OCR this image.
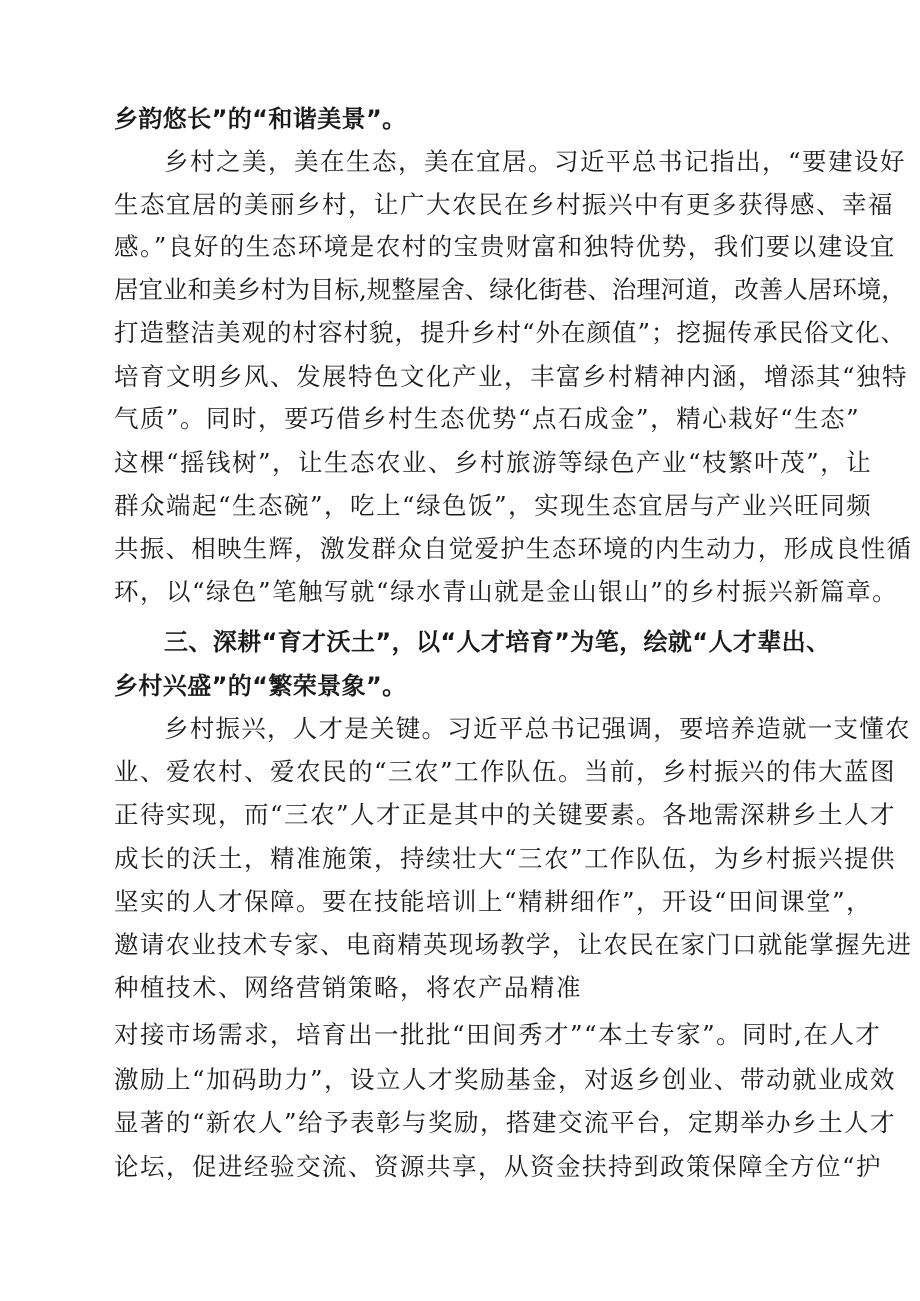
乡韵悠长”的“和谐美景”。
乡村之美，美在生态，美在宜居。习近平总书记指出，“要建设好
生态宜居的美丽乡村，让广大农民在乡村振兴中有更多获得感、幸福
感。”良好的生态环境是农村的宝贵财富和独特优势，我们要以建设宜
居宜业和美乡村为目标,规整屋舍、绿化街巷、治理河道，改善人居环境，
打造整洁美观的村容村貌，提升乡村“外在颜值”；挖掘传承民俗文化、
培育文明乡风、发展特色文化产业，丰富乡村精神内涵，增添其“独特
气质”。同时，要巧借乡村生态优势“点石成金”，精心栽好“生态”
这棵“摇钱树”，让生态农业、乡村旅游等绿色产业“枝繁叶茂”，让
群众端起“生态碗”，吃上“绿色饭”，实现生态宜居与产业兴旺同频
共振、相映生辉，激发群众自觉爱护生态环境的内生动力，形成良性循
环，以“绿色”笔触写就“绿水青山就是金山银山”的乡村振兴新篇章。
三、深耕“育才沃土”，以“人才培育”为笔，绘就“人才辈出、
乡村兴盛”的“繁荣景象”。
乡村振兴，人才是关键。习近平总书记强调，要培养造就一支懂农
业、爱农村、爱农民的“三农”工作队伍。当前，乡村振兴的伟大蓝图
正待实现，而“三农”人才正是其中的关键要素。各地需深耕乡土人才
成长的沃土，精准施策，持续壮大“三农”工作队伍，为乡村振兴提供
坚实的人才保障。要在技能培训上“精耕细作”，开设“田间课堂”，
邀请农业技术专家、电商精英现场教学，让农民在家门口就能掌握先进
种植技术、网络营销策略，将农产品精准
对接市场需求，培育出一批批“田间秀才”“本土专家”。同时,在人才
激励上“加码助力”，设立人才奖励基金，对返乡创业、带动就业成效
显著的“新农人”给予表彰与奖励，搭建交流平台，定期举办乡土人才
论坛，促进经验交流、资源共享，从资金扶持到政策保障全方位“护
